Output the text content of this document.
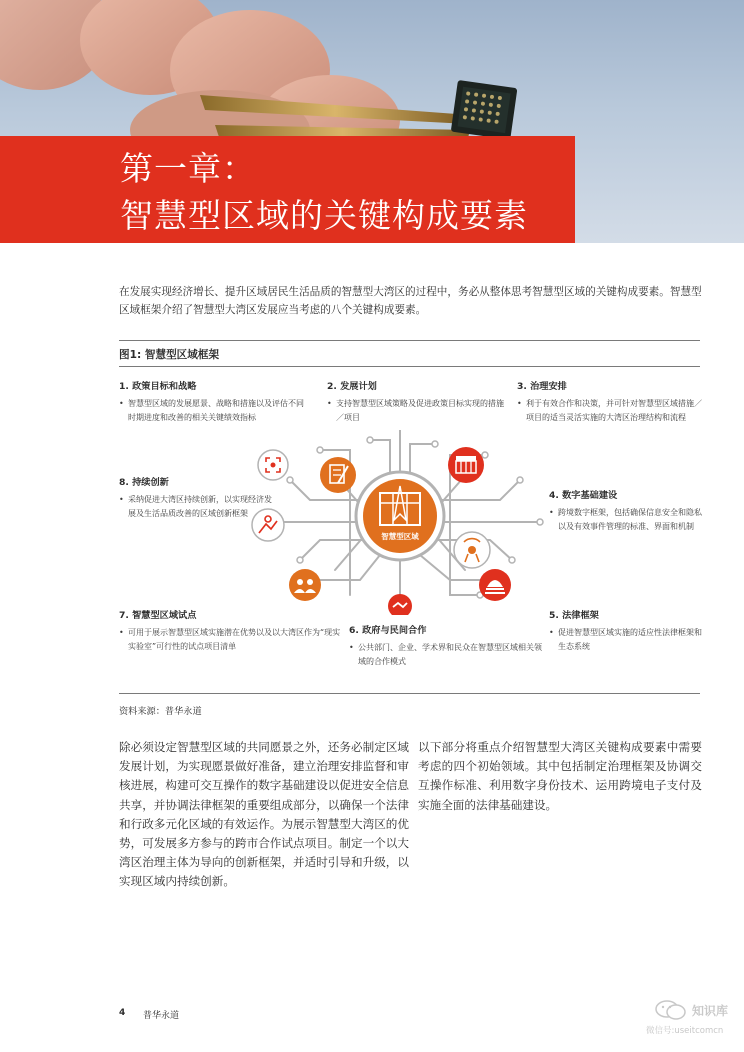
第一章：
智慧型区域的关键构成要素

在发展实现经济增长、提升区域居民生活品质的智慧型大湾区的过程中，务必从整体思考智慧型区域的关键构成要素。智慧型区域框架介绍了智慧型大湾区发展应当考虑的八个关键构成要素。

图1: 智慧型区域框架
1. 政策目标和战略
• 智慧型区域的发展愿景、战略和措施以及评估不同时期进度和改善的相关关键绩效指标
2. 发展计划
• 支持智慧型区域策略及促进政策目标实现的措施／项目
3. 治理安排
• 利于有效合作和决策，并可针对智慧型区域措施／项目的适当灵活实施的大湾区治理结构和流程
4. 数字基础建设
• 跨境数字框架，包括确保信息安全和隐私以及有效事件管理的标准、界面和机制
5. 法律框架
• 促进智慧型区域实施的适应性法律框架和生态系统
6. 政府与民间合作
• 公共部门、企业、学术界和民众在智慧型区域相关领域的合作模式
7. 智慧型区域试点
• 可用于展示智慧型区域实施潜在优势以及以大湾区作为“现实实验室”可行性的试点项目清单
8. 持续创新
• 采纳促进大湾区持续创新，以实现经济发展及生活品质改善的区域创新框架
智慧型区域
资料来源：普华永道

除必须设定智慧型区域的共同愿景之外，还务必制定区域发展计划，为实现愿景做好准备，建立治理安排监督和审核进展，构建可交互操作的数字基础建设以促进安全信息共享，并协调法律框架的重要组成部分，以确保一个法律和行政多元化区域的有效运作。为展示智慧型大湾区的优势，可发展多方参与的跨市合作试点项目。制定一个以大湾区治理主体为导向的创新框架，并适时引导和升级，以实现区域内持续创新。

以下部分将重点介绍智慧型大湾区关键构成要素中需要考虑的四个初始领域。其中包括制定治理框架及协调交互操作标准、利用数字身份技术、运用跨境电子支付及实施全面的法律基础建设。

4 普华永道	知识库
微信号:useitcomcn
